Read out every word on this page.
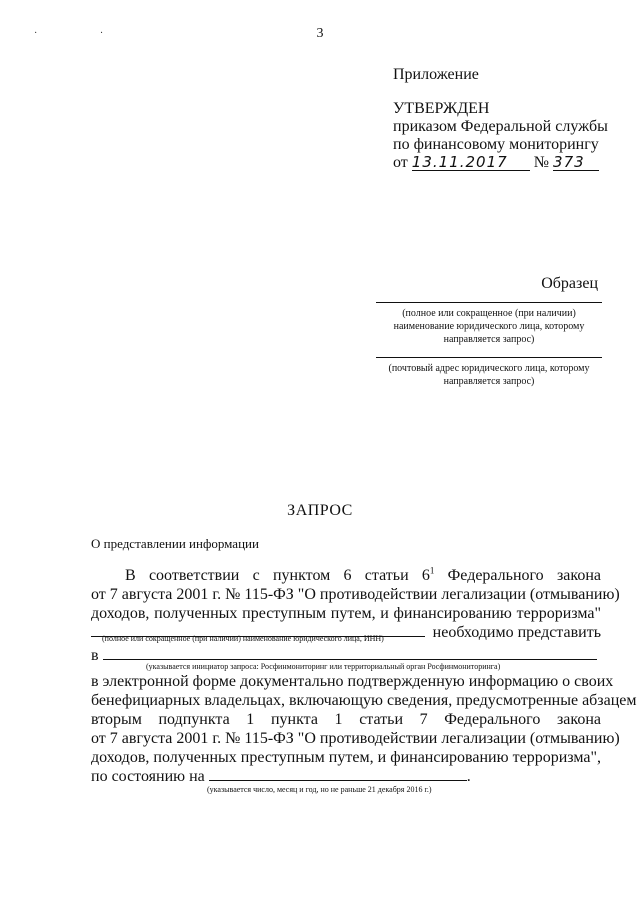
3
· ·
Приложение
УТВЕРЖДЕН
приказом Федеральной службы
по финансовому мониторингу
от 13.11.2017 № 373
Образец
(полное или сокращенное (при наличии)
наименование юридического лица, которому
направляется запрос)
(почтовый адрес юридического лица, которому
направляется запрос)
ЗАПРОС
О представлении информации
В соответствии с пунктом 6 статьи $6^1$ Федерального закона
от 7 августа 2001 г. № 115-ФЗ "О противодействии легализации (отмыванию)
доходов, полученных преступным путем, и финансированию терроризма"
необходимо представить
(полное или сокращенное (при наличии) наименование юридического лица, ИНН)
в
(указывается инициатор запроса: Росфинмониторинг или территориальный орган Росфинмониторинга)
в электронной форме документально подтвержденную информацию о своих
бенефициарных владельцах, включающую сведения, предусмотренные абзацем
вторым подпункта 1 пункта 1 статьи 7 Федерального закона
от 7 августа 2001 г. № 115-ФЗ "О противодействии легализации (отмыванию)
доходов, полученных преступным путем, и финансированию терроризма",
по состоянию на	.
(указывается число, месяц и год, но не раньше 21 декабря 2016 г.)
